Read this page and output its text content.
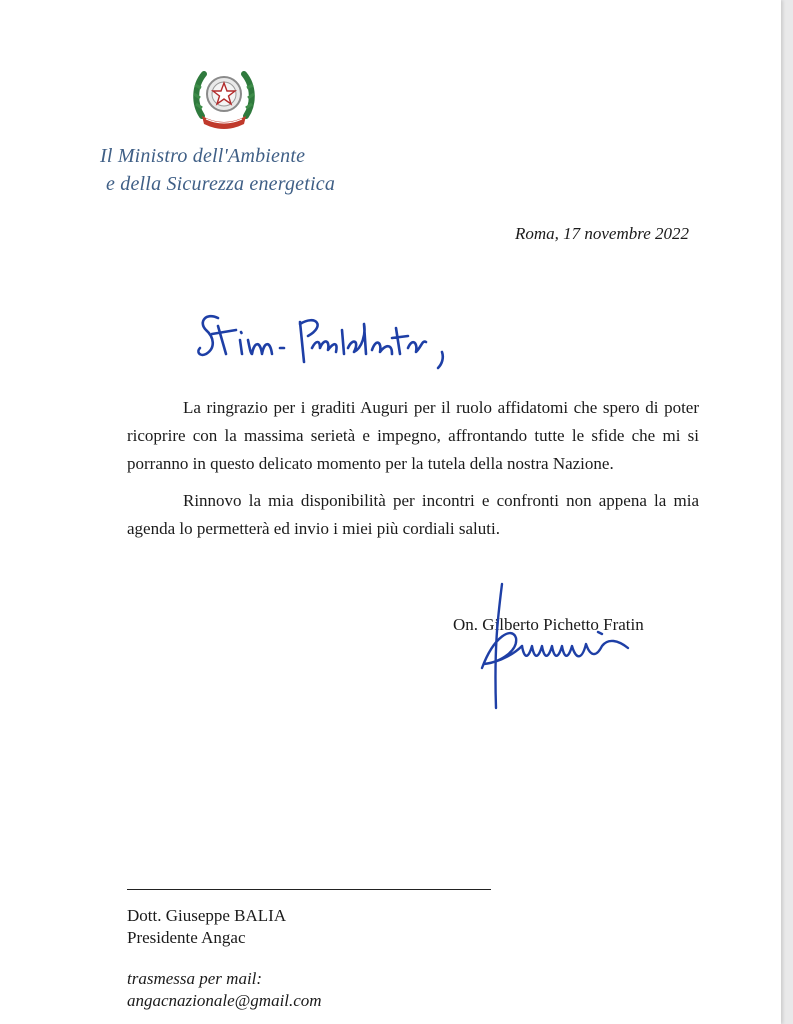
Il Ministro dell'Ambiente
e della Sicurezza energetica
Roma, 17 novembre 2022

La ringrazio per i graditi Auguri per il ruolo affidatomi che spero di poter ricoprire con la massima serietà e impegno, affrontando tutte le sfide che mi si porranno in questo delicato momento per la tutela della nostra Nazione.

Rinnovo la mia disponibilità per incontri e confronti non appena la mia agenda lo permetterà ed invio i miei più cordiali saluti.

On. Gilberto Pichetto Fratin
Dott. Giuseppe BALIA
Presidente Angac
trasmessa per mail:
angacnazionale@gmail.com
